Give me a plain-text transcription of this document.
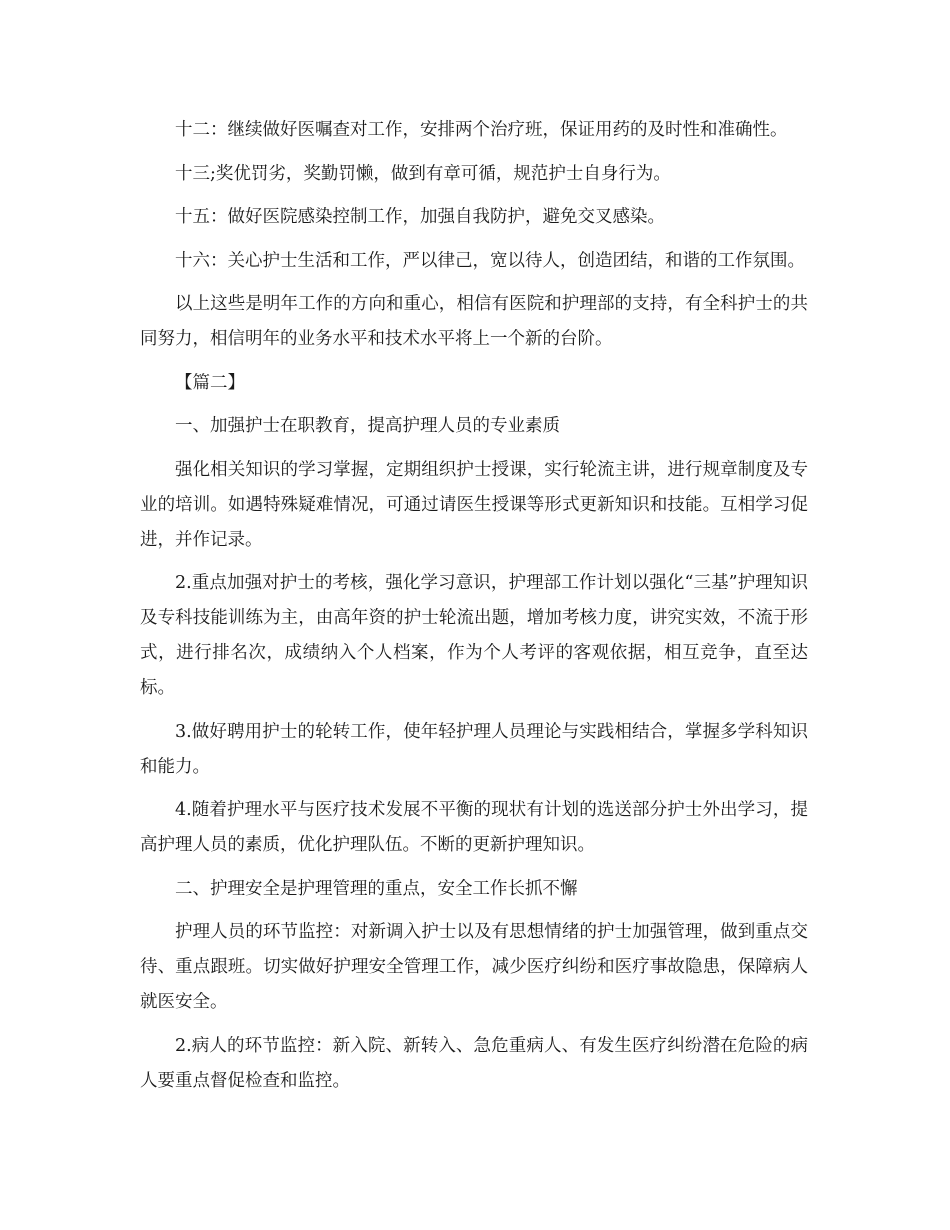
十二：继续做好医嘱查对工作，安排两个治疗班，保证用药的及时性和准确性。

十三;奖优罚劣，奖勤罚懒，做到有章可循，规范护士自身行为。

十五：做好医院感染控制工作，加强自我防护，避免交叉感染。

十六：关心护士生活和工作，严以律己，宽以待人，创造团结，和谐的工作氛围。

以上这些是明年工作的方向和重心，相信有医院和护理部的支持，有全科护士的共同努力，相信明年的业务水平和技术水平将上一个新的台阶。

【篇二】

一、加强护士在职教育，提高护理人员的专业素质

强化相关知识的学习掌握，定期组织护士授课，实行轮流主讲，进行规章制度及专业的培训。如遇特殊疑难情况，可通过请医生授课等形式更新知识和技能。互相学习促进，并作记录。

2.重点加强对护士的考核，强化学习意识，护理部工作计划以强化“三基”护理知识及专科技能训练为主，由高年资的护士轮流出题，增加考核力度，讲究实效，不流于形式，进行排名次，成绩纳入个人档案，作为个人考评的客观依据，相互竞争，直至达标。

3.做好聘用护士的轮转工作，使年轻护理人员理论与实践相结合，掌握多学科知识和能力。

4.随着护理水平与医疗技术发展不平衡的现状有计划的选送部分护士外出学习，提高护理人员的素质，优化护理队伍。不断的更新护理知识。

二、护理安全是护理管理的重点，安全工作长抓不懈

护理人员的环节监控：对新调入护士以及有思想情绪的护士加强管理，做到重点交待、重点跟班。切实做好护理安全管理工作，减少医疗纠纷和医疗事故隐患，保障病人就医安全。

2.病人的环节监控：新入院、新转入、急危重病人、有发生医疗纠纷潜在危险的病人要重点督促检查和监控。
